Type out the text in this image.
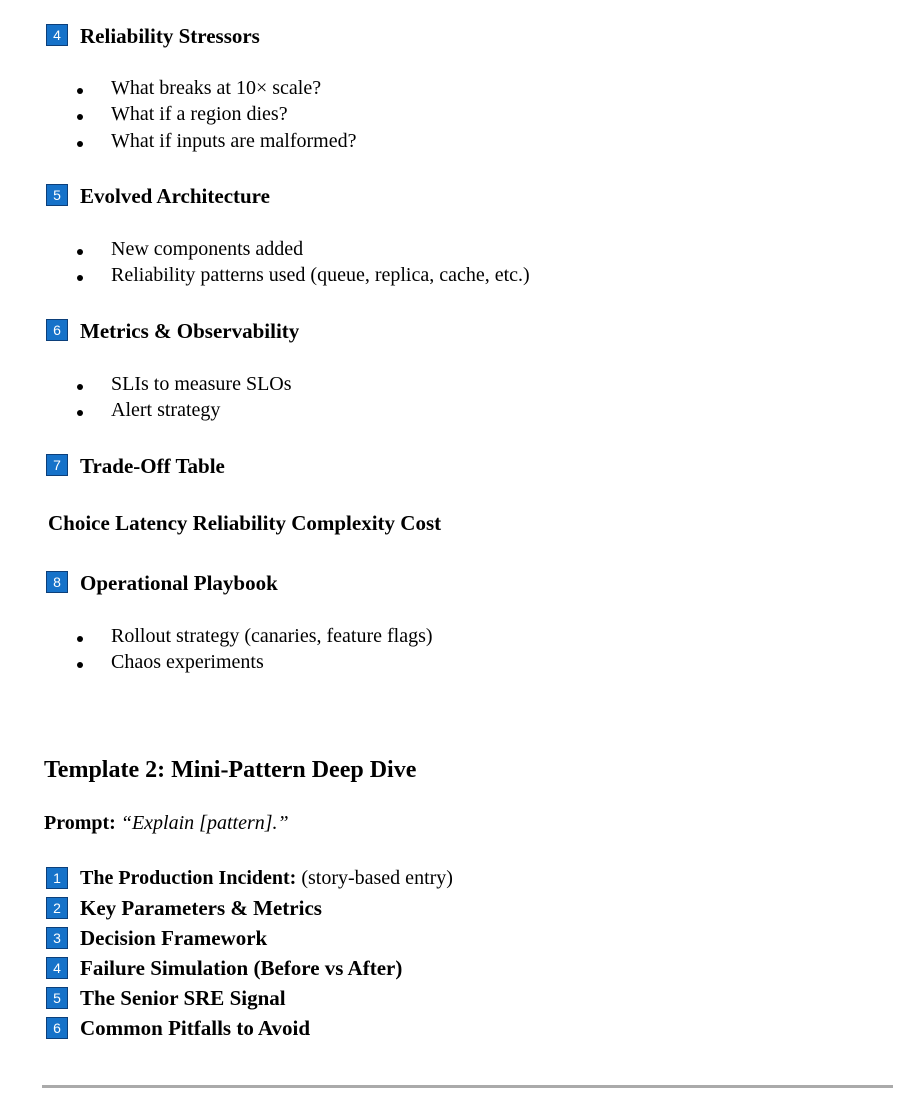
4 Reliability Stressors
What breaks at 10× scale?
What if a region dies?
What if inputs are malformed?
5 Evolved Architecture
New components added
Reliability patterns used (queue, replica, cache, etc.)
6 Metrics & Observability
SLIs to measure SLOs
Alert strategy
7 Trade-Off Table
Choice Latency Reliability Complexity Cost
8 Operational Playbook
Rollout strategy (canaries, feature flags)
Chaos experiments
Template 2: Mini-Pattern Deep Dive
Prompt: “Explain [pattern].”
1 The Production Incident: (story-based entry)
2 Key Parameters & Metrics
3 Decision Framework
4 Failure Simulation (Before vs After)
5 The Senior SRE Signal
6 Common Pitfalls to Avoid
